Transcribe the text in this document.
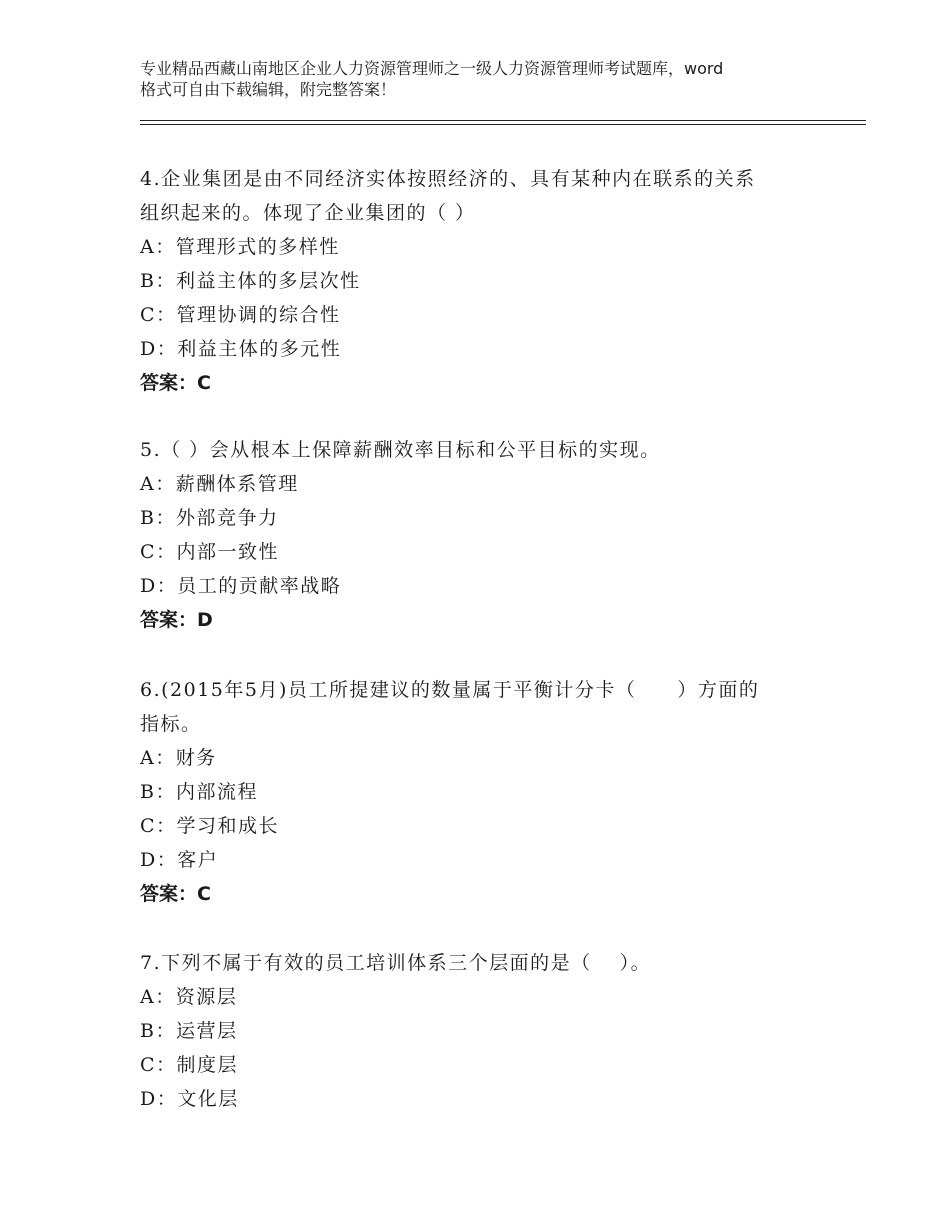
专业精品西藏山南地区企业人力资源管理师之一级人力资源管理师考试题库，word
格式可自由下载编辑，附完整答案！
4.企业集团是由不同经济实体按照经济的、具有某种内在联系的关系
组织起来的。体现了企业集团的（ ）
A：管理形式的多样性
B：利益主体的多层次性
C：管理协调的综合性
D：利益主体的多元性
答案：C
5.（ ）会从根本上保障薪酬效率目标和公平目标的实现。
A：薪酬体系管理
B：外部竞争力
C：内部一致性
D：员工的贡献率战略
答案：D
6.(2015年5月)员工所提建议的数量属于平衡计分卡（　　）方面的
指标。
A：财务
B：内部流程
C：学习和成长
D：客户
答案：C
7.下列不属于有效的员工培训体系三个层面的是（　 ）。
A：资源层
B：运营层
C：制度层
D：文化层
